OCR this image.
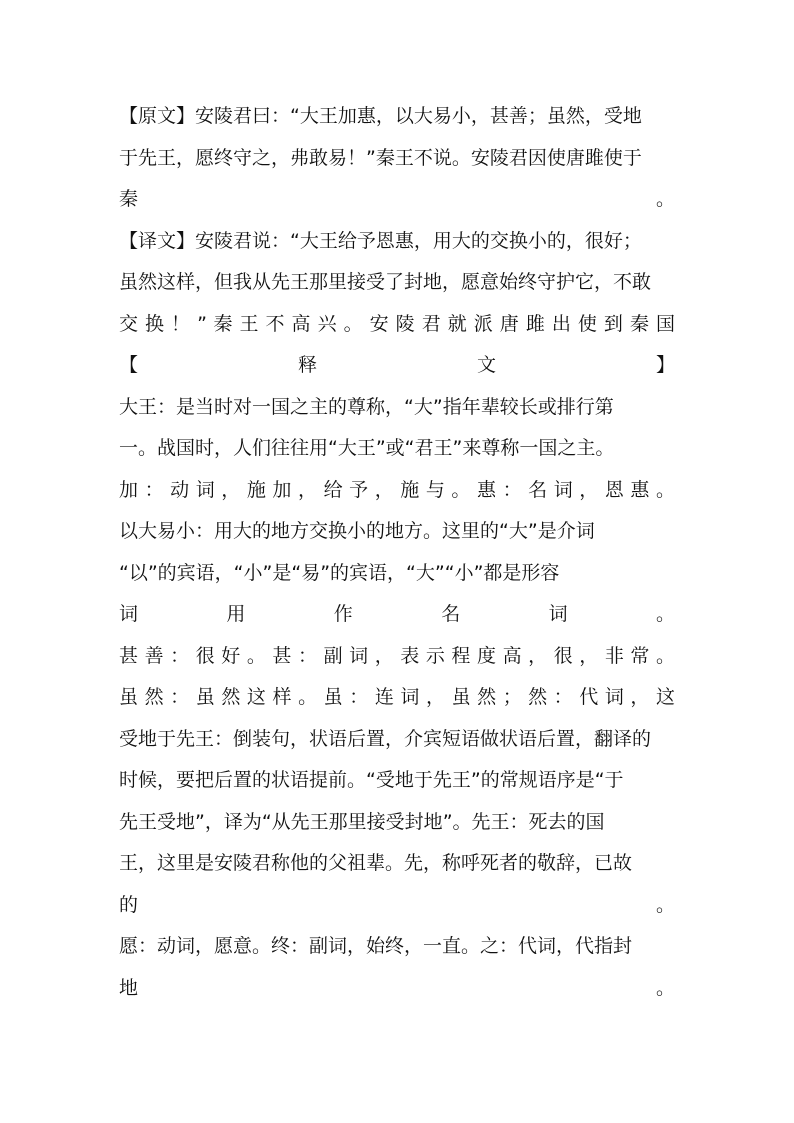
【原文】安陵君曰：“大王加惠，以大易小，甚善；虽然，受地
于先王，愿终守之，弗敢易！”秦王不说。安陵君因使唐雎使于
秦 。
【译文】安陵君说：“大王给予恩惠，用大的交换小的，很好；
虽然这样，但我从先王那里接受了封地，愿意始终守护它，不敢
交 换 ！ ” 秦 王 不 高 兴 。 安 陵 君 就 派 唐 雎 出 使 到 秦 国
【 释 文 】
大王：是当时对一国之主的尊称，“大”指年辈较长或排行第
一。战国时，人们往往用“大王”或“君王”来尊称一国之主。
加 ： 动 词 ， 施 加 ， 给 予 ， 施 与 。 惠 ： 名 词 ， 恩 惠 。
以大易小：用大的地方交换小的地方。这里的“大”是介词
“以”的宾语，“小”是“易”的宾语，“大”“小”都是形容
词 用 作 名 词 。
甚 善 ： 很 好 。 甚 ： 副 词 ， 表 示 程 度 高 ， 很 ， 非 常 。
虽 然 ： 虽 然 这 样 。 虽 ： 连 词 ， 虽 然 ； 然 ： 代 词 ， 这
受地于先王：倒装句，状语后置，介宾短语做状语后置，翻译的
时候，要把后置的状语提前。“受地于先王”的常规语序是“于
先王受地”，译为“从先王那里接受封地”。先王：死去的国
王，这里是安陵君称他的父祖辈。先，称呼死者的敬辞，已故
的 。
愿：动词，愿意。终：副词，始终，一直。之：代词，代指封
地 。
